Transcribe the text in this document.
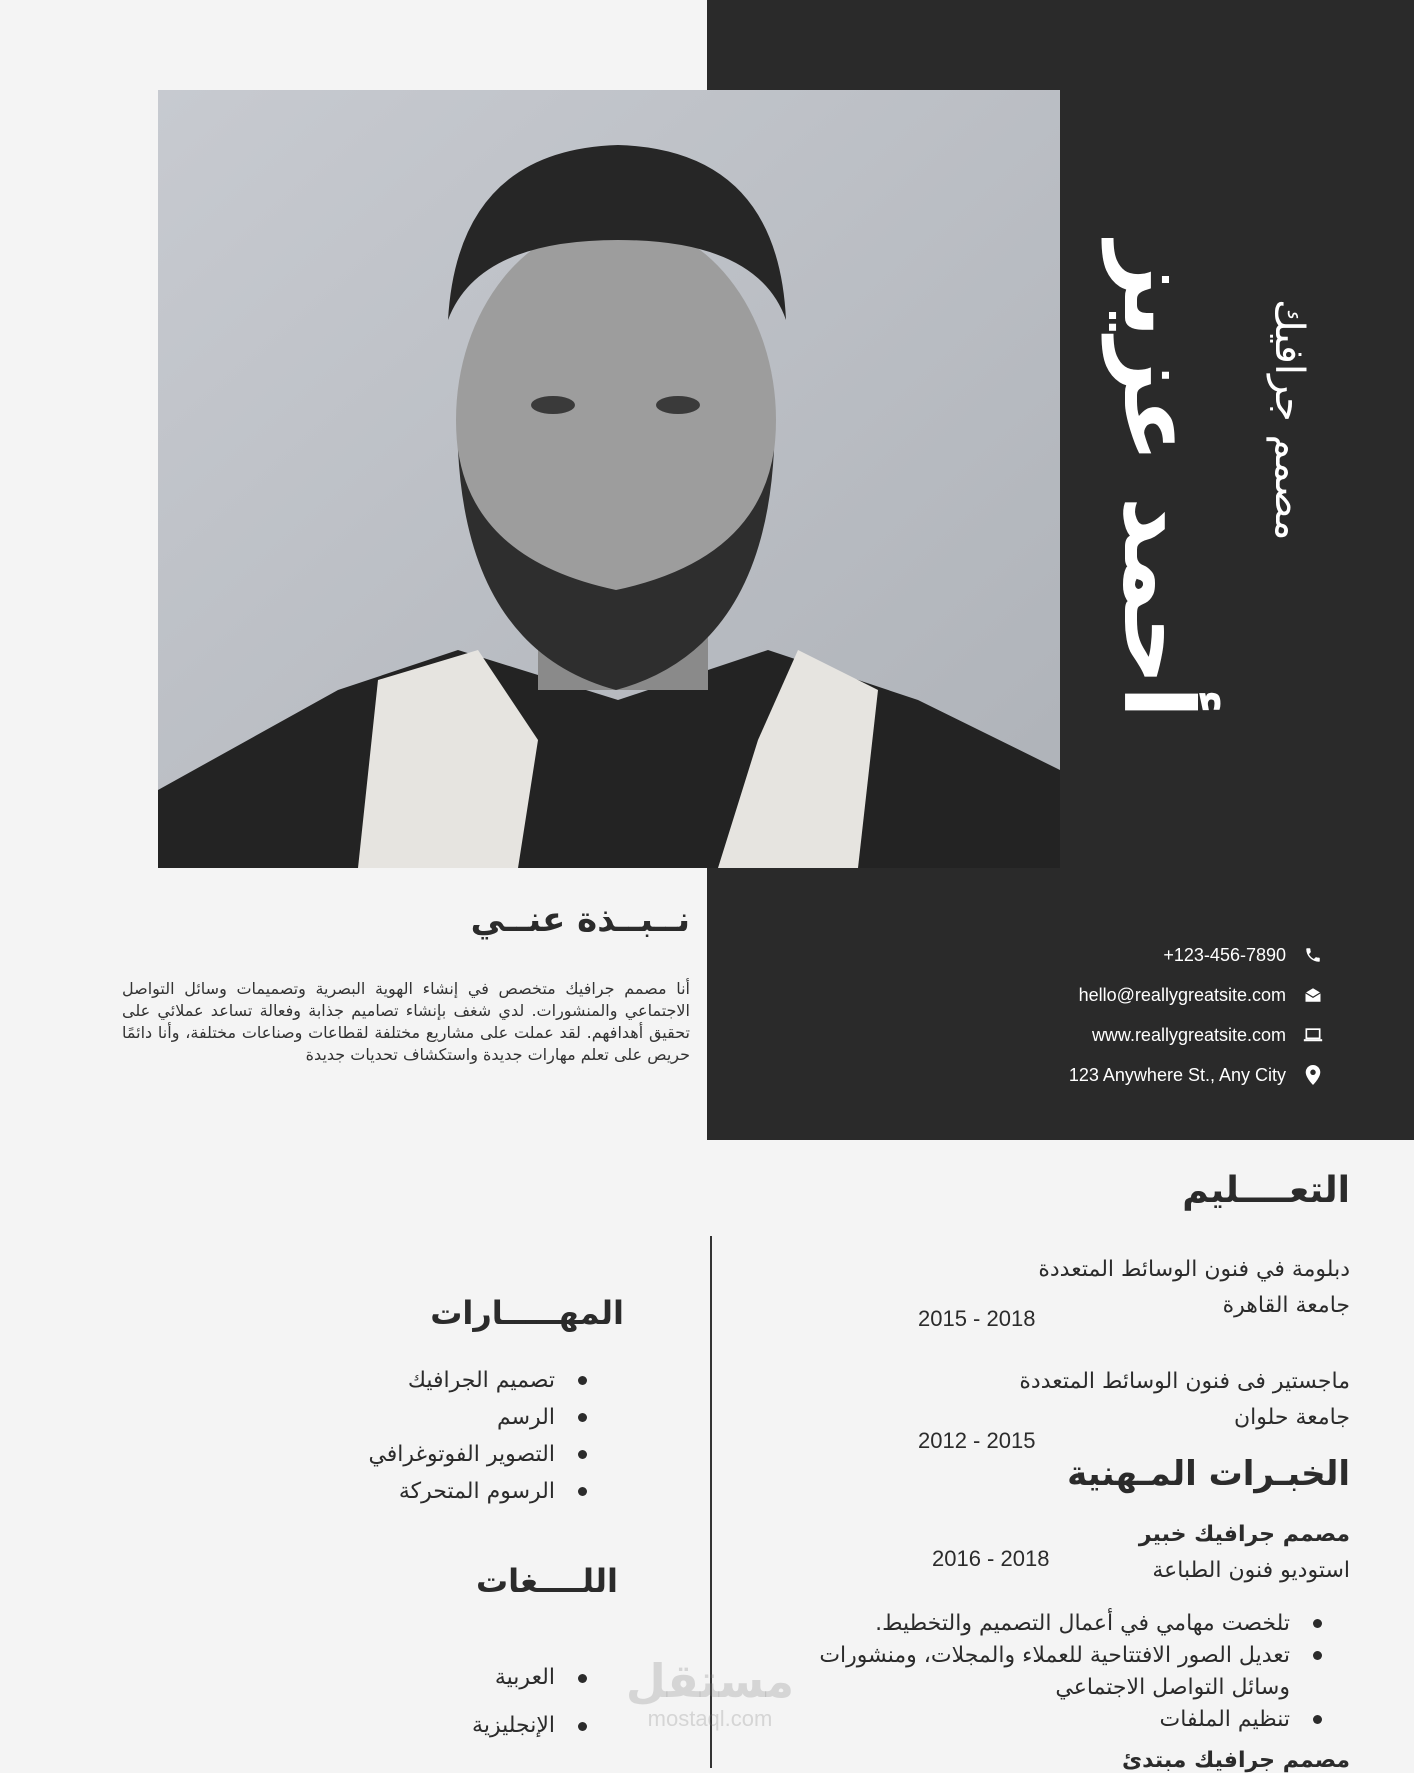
أحمد عزيز مصمم جرافيك
+123-456-7890
hello@reallygreatsite.com
www.reallygreatsite.com
123 Anywhere St., Any City
نــبــذة عنــي
أنا مصمم جرافيك متخصص في إنشاء الهوية البصرية وتصميمات وسائل التواصل الاجتماعي والمنشورات. لدي شغف بإنشاء تصاميم جذابة وفعالة تساعد عملائي على تحقيق أهدافهم. لقد عملت على مشاريع مختلفة لقطاعات وصناعات مختلفة، وأنا دائمًا حريص على تعلم مهارات جديدة واستكشاف تحديات جديدة
التعــــليم
دبلومة في فنون الوسائط المتعددة
جامعة القاهرة
2015 - 2018
ماجستير فى فنون الوسائط المتعددة
جامعة حلوان
2012 - 2015
المهـــــارات
تصميم الجرافيك
الرسم
التصوير الفوتوغرافي
الرسوم المتحركة
اللــــغات
العربية
الإنجليزية
الخبـرات المـهنية
مصمم جرافيك خبير
استوديو فنون الطباعة
2016 - 2018
تلخصت مهامي في أعمال التصميم والتخطيط.
تعديل الصور الافتتاحية للعملاء والمجلات، ومنشورات وسائل التواصل الاجتماعي
تنظيم الملفات
مصمم جرافيك مبتدئ
مستقل
mostaql.com
